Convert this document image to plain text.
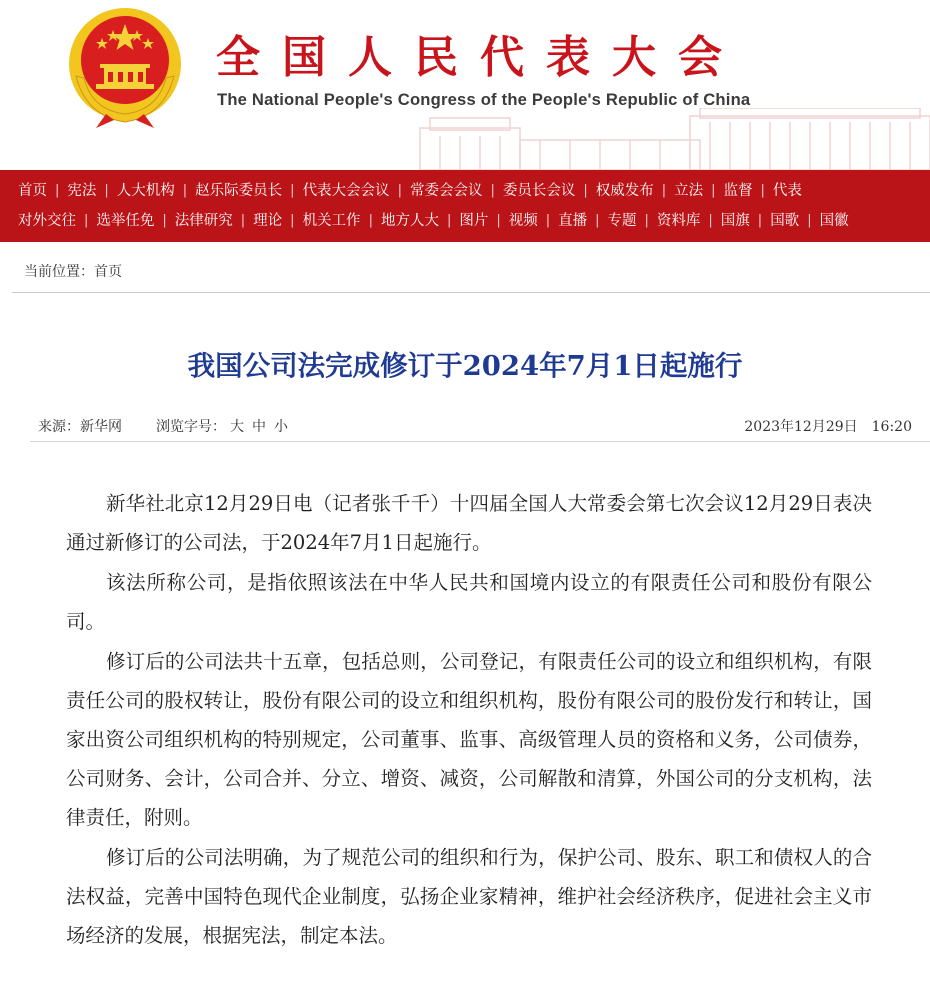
全国人民代表大会
The National People's Congress of the People's Republic of China
首页 | 宪法 | 人大机构 | 赵乐际委员长 | 代表大会会议 | 常委会会议 | 委员长会议 | 权威发布 | 立法 | 监督 | 代表
对外交往 | 选举任免 | 法律研究 | 理论 | 机关工作 | 地方人大 | 图片 | 视频 | 直播 | 专题 | 资料库 | 国旗 | 国歌 | 国徽
当前位置： 首页
我国公司法完成修订于2024年7月1日起施行
来源： 新华网 浏览字号： 大 中 小	2023年12月29日 16:20

新华社北京12月29日电（记者张千千）十四届全国人大常委会第七次会议12月29日表决通过新修订的公司法，于2024年7月1日起施行。

该法所称公司，是指依照该法在中华人民共和国境内设立的有限责任公司和股份有限公司。

修订后的公司法共十五章，包括总则，公司登记，有限责任公司的设立和组织机构，有限责任公司的股权转让，股份有限公司的设立和组织机构，股份有限公司的股份发行和转让，国家出资公司组织机构的特别规定，公司董事、监事、高级管理人员的资格和义务，公司债券，公司财务、会计，公司合并、分立、增资、减资，公司解散和清算，外国公司的分支机构，法律责任，附则。

修订后的公司法明确，为了规范公司的组织和行为，保护公司、股东、职工和债权人的合法权益，完善中国特色现代企业制度，弘扬企业家精神，维护社会经济秩序，促进社会主义市场经济的发展，根据宪法，制定本法。
